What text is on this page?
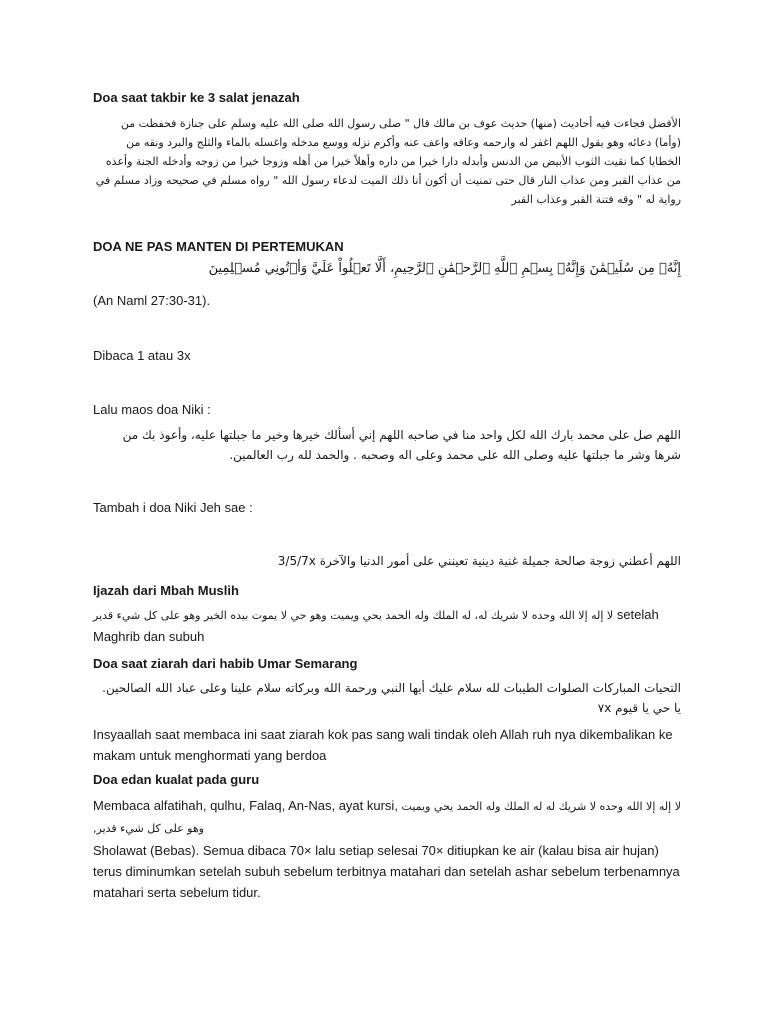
Doa saat takbir ke 3 salat jenazah

الأفضل فجاءت فيه أحاديث (منها) حديث عوف بن مالك قال " صلى رسول الله صلى الله عليه وسلم على جنازة فحفظت من (وأما) دعائه وهو يقول اللهم اغفر له وارحمه وعافه واعف عنه وأكرم نزله ووسع مدخله واغسله بالماء والثلج والبرد ونقه من الخطايا كما نقيت الثوب الأبيض من الدنس وأبدله دارا خيرا من داره وأهلاً خيرا من أهله وزوجا خيرا من زوجه وأدخله الجنة وأعذه من عذاب القبر ومن عذاب النار قال حتى تمنيت أن أكون أنا ذلك الميت لدعاء رسول الله " رواه مسلم في صحيحه وزاد مسلم في رواية له " وقه فتنة القبر وعذاب القبر

DOA NE PAS MANTEN DI PERTEMUKAN

إِنَّهُۥ مِن سُلَيۡمَٰنَ وَإِنَّهُۥ بِسۡمِ ٱللَّهِ ٱلرَّحۡمَٰنِ ٱلرَّحِيمِ، أَلَّا تَعۡلُواْ عَلَيَّ وَأۡتُونِي مُسۡلِمِينَ

(An Naml 27:30-31).

Dibaca 1 atau 3x

Lalu maos doa Niki :

اللهم صل على محمد بارك الله لكل واحد منا في صاحبه اللهم إني أسألك خيرها وخير ما جبلتها عليه، وأعوذ بك من شرها وشر ما جبلتها عليه وصلى الله على محمد وعلى اله وصحبه . والحمد لله رب العالمين.

Tambah i doa Niki Jeh sae :

اللهم أعطني زوجة صالحة جميلة غنية دينية تعينني على أمور الدنيا والآخرة 3/5/7x

Ijazah dari Mbah Muslih

لا إله إلا الله وحده لا شريك له، له الملك وله الحمد يحي ويميت وهو حي لا يموت بيده الخير وهو على كل شيء قدير setelah Maghrib dan subuh

Doa saat ziarah dari habib Umar Semarang

التحيات المباركات الصلوات الطيبات لله سلام عليك أيها النبي ورحمة الله وبركاته سلام علينا وعلى عباد الله الصالحين. يا حي يا قيوم ٧x

Insyaallah saat membaca ini saat ziarah kok pas sang wali tindak oleh Allah ruh nya dikembalikan ke makam untuk menghormati yang berdoa

Doa edan kualat pada guru

Membaca alfatihah, qulhu, Falaq, An-Nas, ayat kursi, لا إله إلا الله وحده لا شريك له له الملك وله الحمد يحي ويميت وهو على كل شيء قدير,

Sholawat (Bebas). Semua dibaca 70× lalu setiap selesai 70× ditiupkan ke air (kalau bisa air hujan) terus diminumkan setelah subuh sebelum terbitnya matahari dan setelah ashar sebelum terbenamnya matahari serta sebelum tidur.
